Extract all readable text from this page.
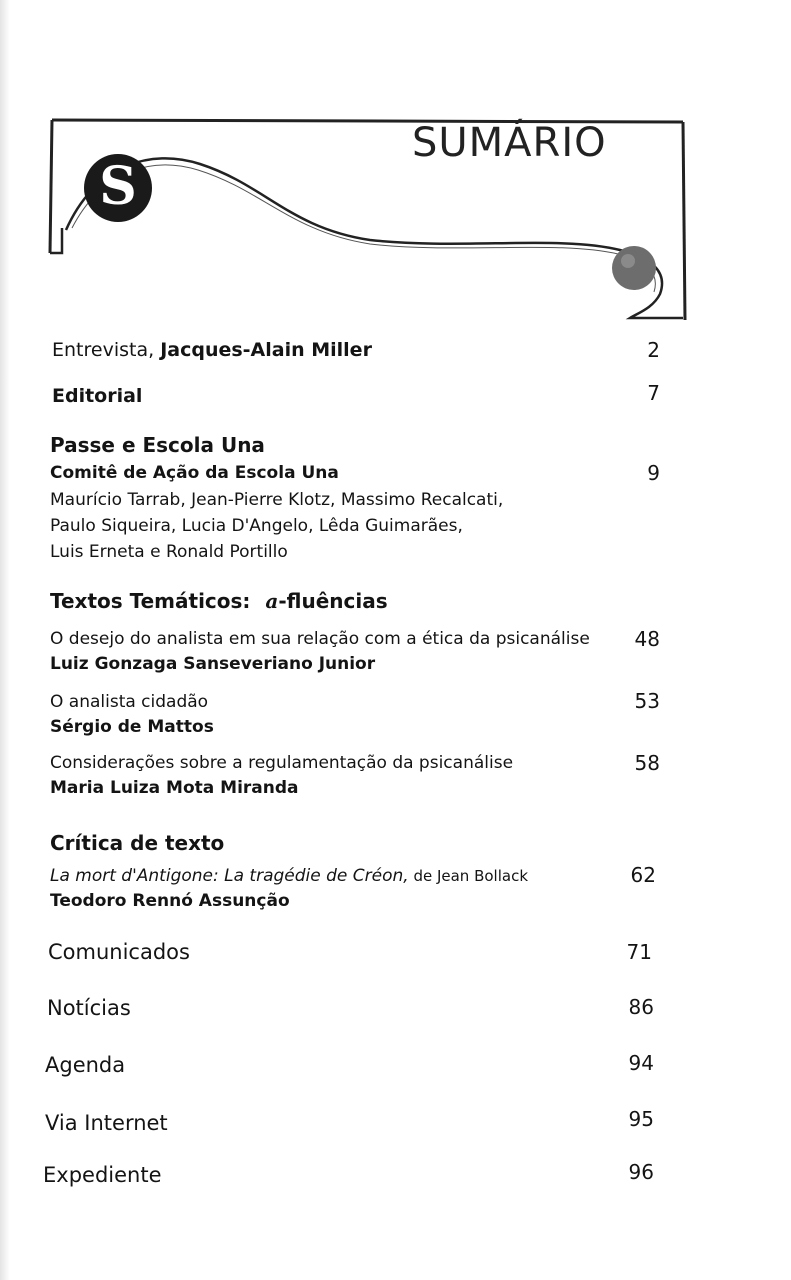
S
SUMÁRIO
Entrevista, Jacques-Alain Miller	2
Editorial	7
Passe e Escola Una
Comitê de Ação da Escola Una	9
Maurício Tarrab, Jean-Pierre Klotz, Massimo Recalcati,
Paulo Siqueira, Lucia D'Angelo, Lêda Guimarães,
Luis Erneta e Ronald Portillo
Textos Temáticos: a-fluências
O desejo do analista em sua relação com a ética da psicanálise	48
Luiz Gonzaga Sanseveriano Junior
O analista cidadão	53
Sérgio de Mattos
Considerações sobre a regulamentação da psicanálise	58
Maria Luiza Mota Miranda
Crítica de texto
La mort d'Antigone: La tragédie de Créon, de Jean Bollack	62
Teodoro Rennó Assunção
Comunicados	71
Notícias	86
Agenda	94
Via Internet	95
Expediente	96
